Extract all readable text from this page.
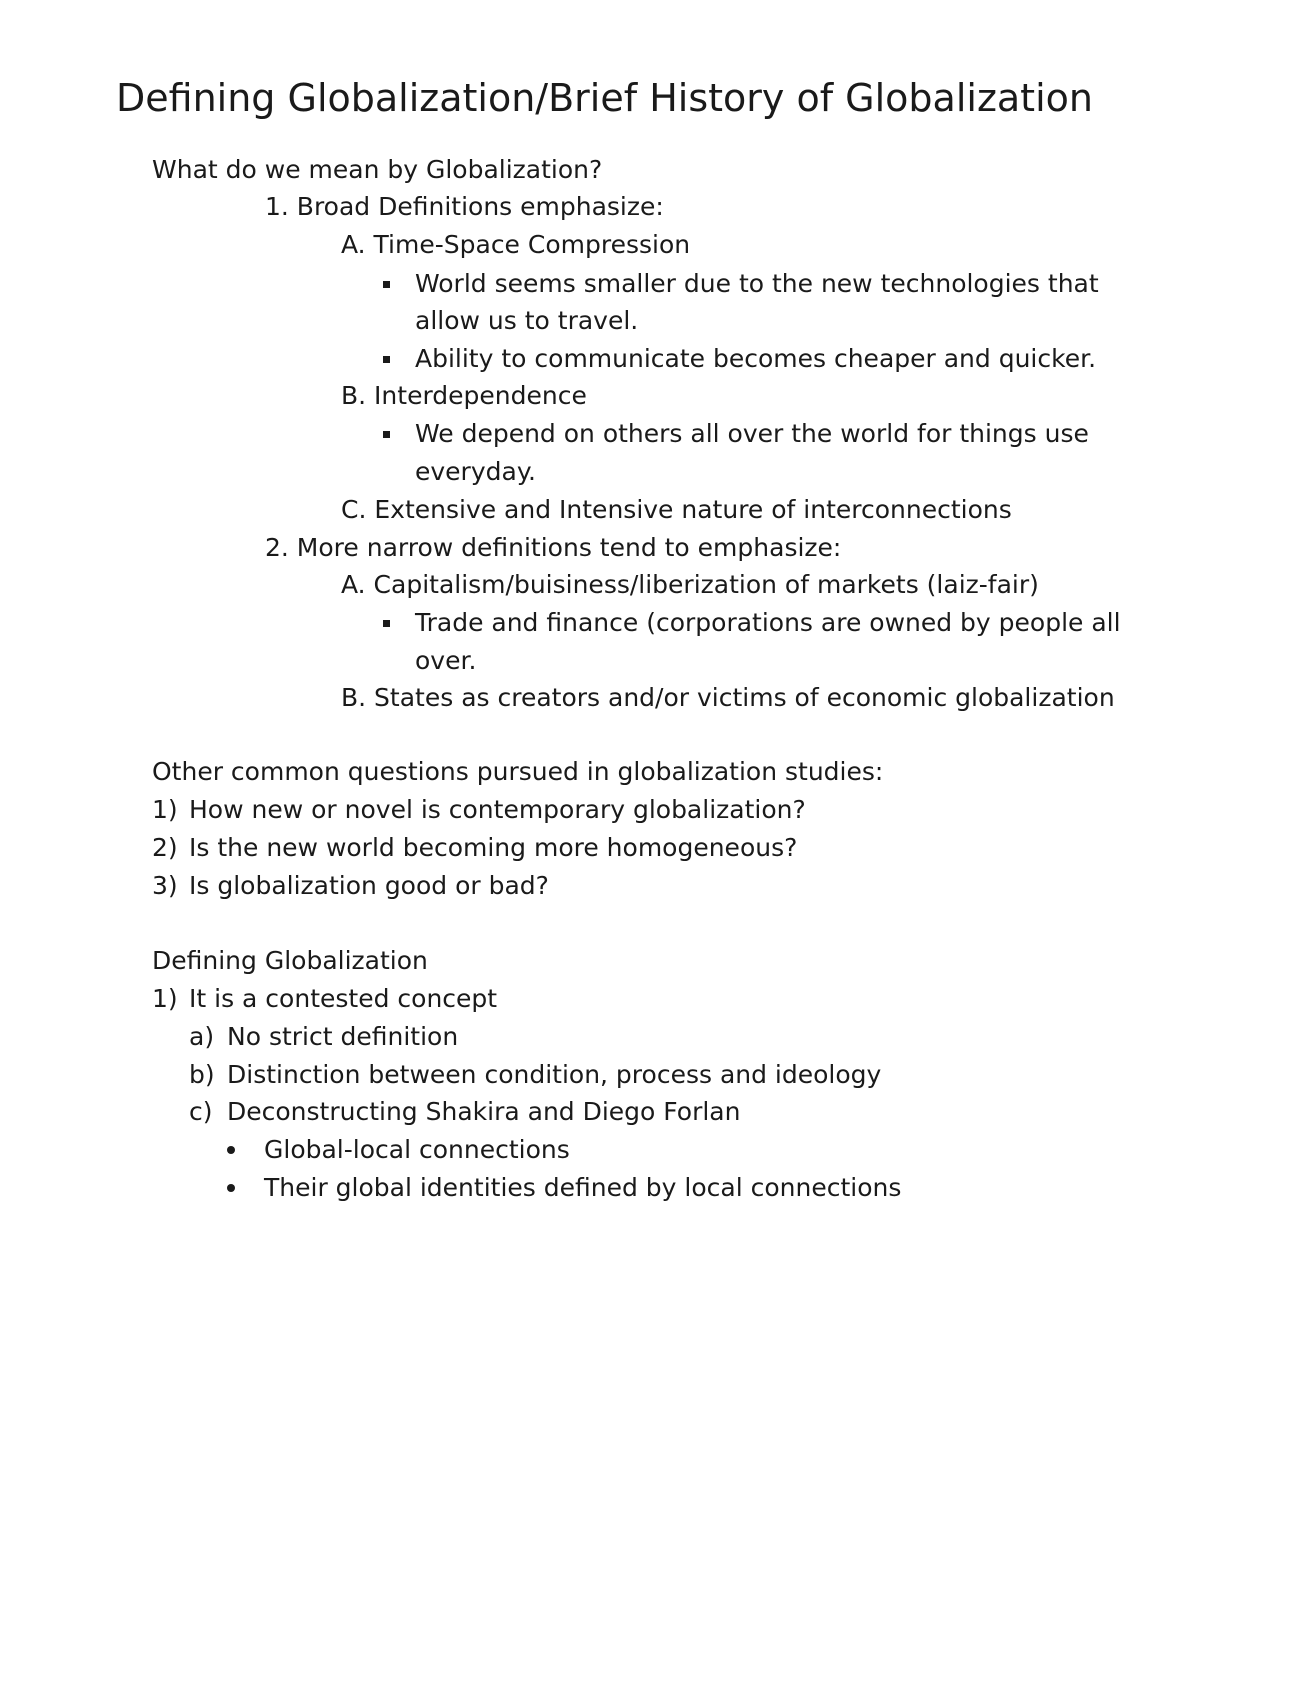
Defining Globalization/Brief History of Globalization
What do we mean by Globalization?
1. Broad Definitions emphasize:
A. Time-Space Compression
World seems smaller due to the new technologies that
allow us to travel.
Ability to communicate becomes cheaper and quicker.
B. Interdependence
We depend on others all over the world for things use
everyday.
C. Extensive and Intensive nature of interconnections
2. More narrow definitions tend to emphasize:
A. Capitalism/buisiness/liberization of markets (laiz-fair)
Trade and finance (corporations are owned by people all
over.
B. States as creators and/or victims of economic globalization
Other common questions pursued in globalization studies:
1) How new or novel is contemporary globalization?
2) Is the new world becoming more homogeneous?
3) Is globalization good or bad?
Defining Globalization
1) It is a contested concept
a) No strict definition
b) Distinction between condition, process and ideology
c) Deconstructing Shakira and Diego Forlan
Global-local connections
Their global identities defined by local connections
